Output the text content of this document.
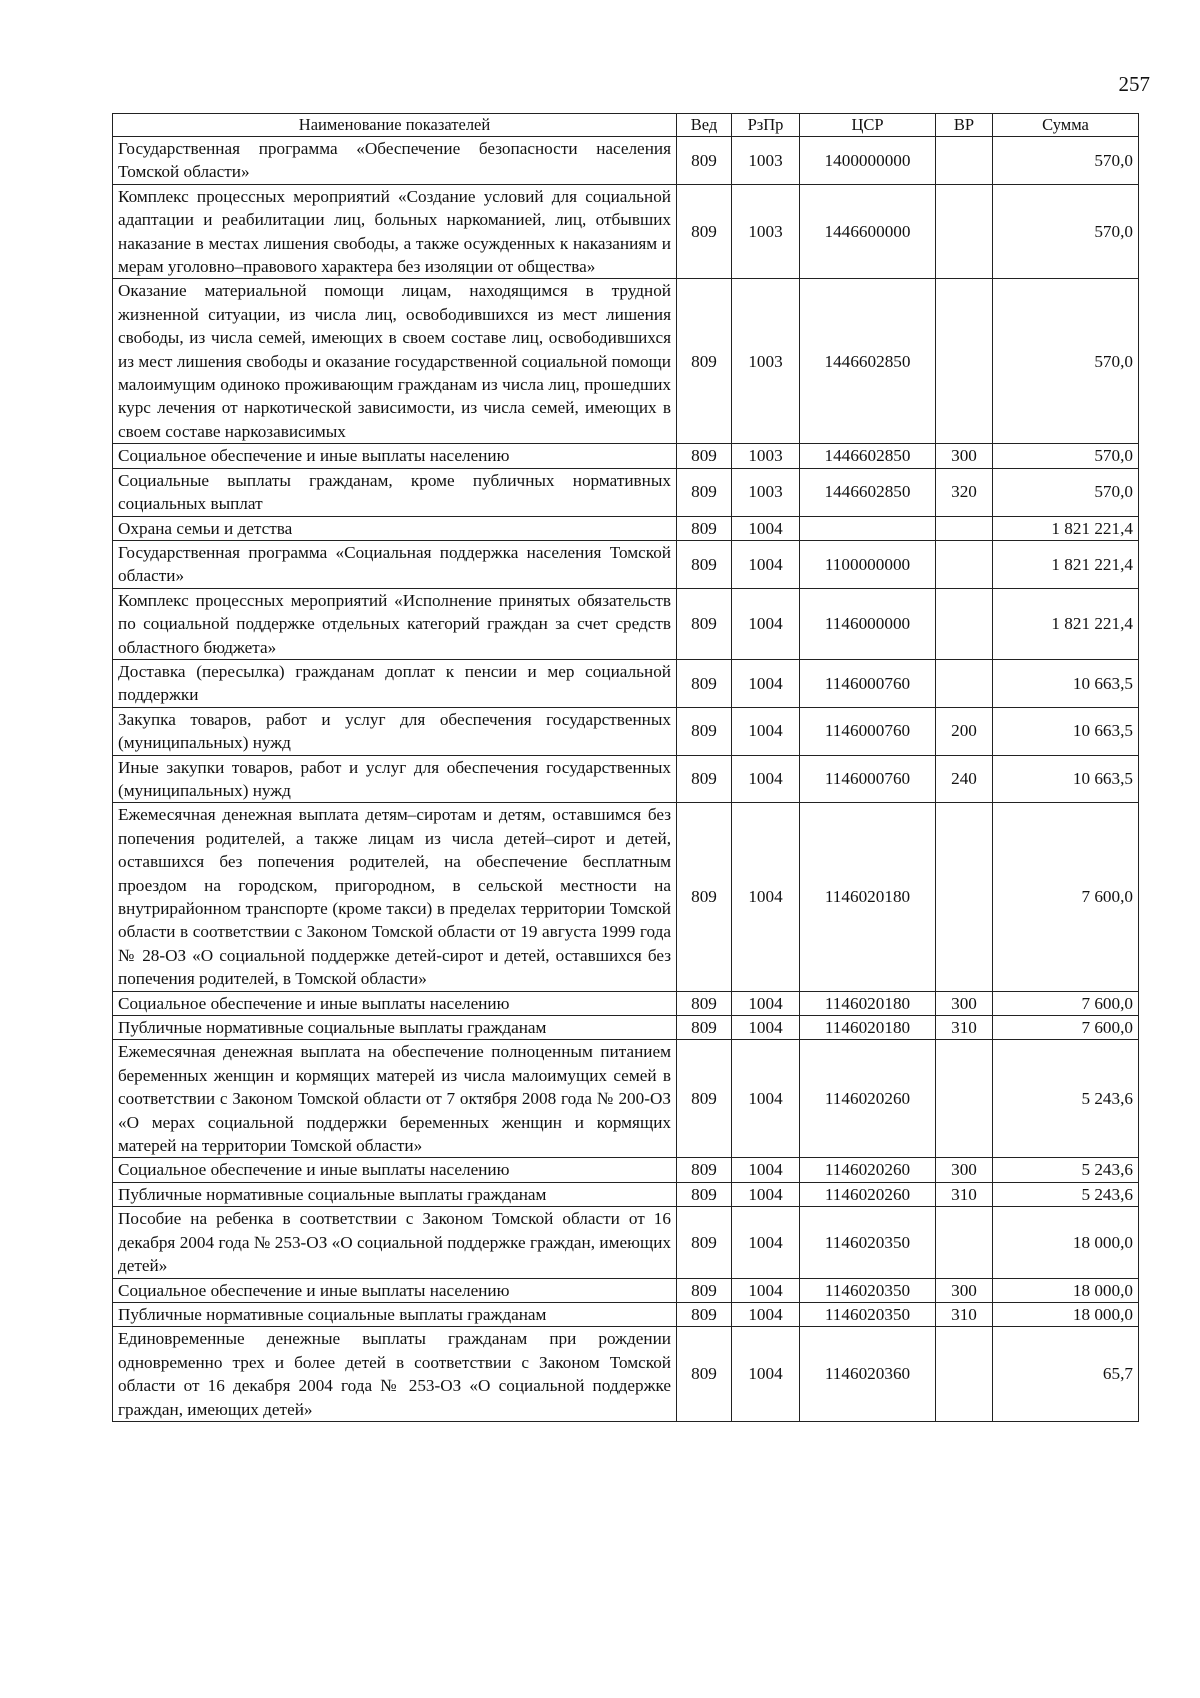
257
Наименование показателей	Вед	РзПр	ЦСР	ВР	Сумма
Государственная программа «Обеспечение безопасности населения Томской области»	809	1003	1400000000		570,0
Комплекс процессных мероприятий «Создание условий для социальной адаптации и реабилитации лиц, больных наркоманией, лиц, отбывших наказание в местах лишения свободы, а также осужденных к наказаниям и мерам уголовно–правового характера без изоляции от общества»	809	1003	1446600000		570,0
Оказание материальной помощи лицам, находящимся в трудной жизненной ситуации, из числа лиц, освободившихся из мест лишения свободы, из числа семей, имеющих в своем составе лиц, освободившихся из мест лишения свободы и оказание государственной социальной помощи малоимущим одиноко проживающим гражданам из числа лиц, прошедших курс лечения от наркотической зависимости, из числа семей, имеющих в своем составе наркозависимых	809	1003	1446602850		570,0
Социальное обеспечение и иные выплаты населению	809	1003	1446602850	300	570,0
Социальные выплаты гражданам, кроме публичных нормативных социальных выплат	809	1003	1446602850	320	570,0
Охрана семьи и детства	809	1004			1 821 221,4
Государственная программа «Социальная поддержка населения Томской области»	809	1004	1100000000		1 821 221,4
Комплекс процессных мероприятий «Исполнение принятых обязательств по социальной поддержке отдельных категорий граждан за счет средств областного бюджета»	809	1004	1146000000		1 821 221,4
Доставка (пересылка) гражданам доплат к пенсии и мер социальной поддержки	809	1004	1146000760		10 663,5
Закупка товаров, работ и услуг для обеспечения государственных (муниципальных) нужд	809	1004	1146000760	200	10 663,5
Иные закупки товаров, работ и услуг для обеспечения государственных (муниципальных) нужд	809	1004	1146000760	240	10 663,5
Ежемесячная денежная выплата детям–сиротам и детям, оставшимся без попечения родителей, а также лицам из числа детей–сирот и детей, оставшихся без попечения родителей, на обеспечение бесплатным проездом на городском, пригородном, в сельской местности на внутрирайонном транспорте (кроме такси) в пределах территории Томской области в соответствии с Законом Томской области от 19 августа 1999 года № 28-ОЗ «О социальной поддержке детей-сирот и детей, оставшихся без попечения родителей, в Томской области»	809	1004	1146020180		7 600,0
Социальное обеспечение и иные выплаты населению	809	1004	1146020180	300	7 600,0
Публичные нормативные социальные выплаты гражданам	809	1004	1146020180	310	7 600,0
Ежемесячная денежная выплата на обеспечение полноценным питанием беременных женщин и кормящих матерей из числа малоимущих семей в соответствии с Законом Томской области от 7 октября 2008 года № 200-ОЗ «О мерах социальной поддержки беременных женщин и кормящих матерей на территории Томской области»	809	1004	1146020260		5 243,6
Социальное обеспечение и иные выплаты населению	809	1004	1146020260	300	5 243,6
Публичные нормативные социальные выплаты гражданам	809	1004	1146020260	310	5 243,6
Пособие на ребенка в соответствии с Законом Томской области от 16 декабря 2004 года № 253-ОЗ «О социальной поддержке граждан, имеющих детей»	809	1004	1146020350		18 000,0
Социальное обеспечение и иные выплаты населению	809	1004	1146020350	300	18 000,0
Публичные нормативные социальные выплаты гражданам	809	1004	1146020350	310	18 000,0
Единовременные денежные выплаты гражданам при рождении одновременно трех и более детей в соответствии с Законом Томской области от 16 декабря 2004 года № 253-ОЗ «О социальной поддержке граждан, имеющих детей»	809	1004	1146020360		65,7
